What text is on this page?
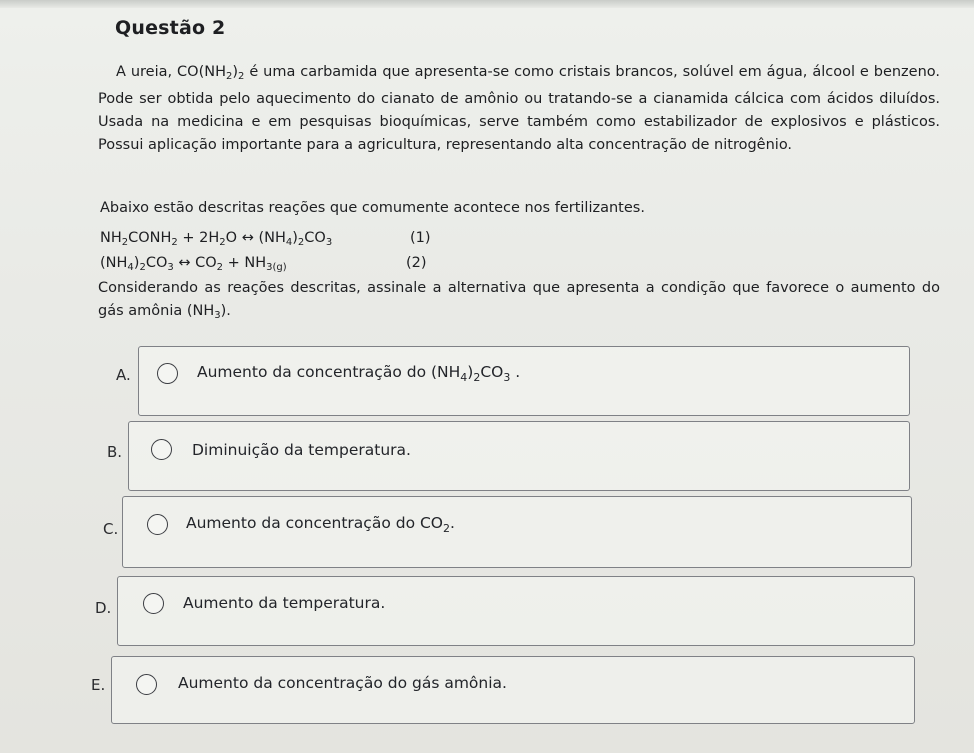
Questão 2
A ureia, $CO(NH_2)_2$ é uma carbamida que apresenta-se como cristais brancos, solúvel em água, álcool e benzeno. Pode ser obtida pelo aquecimento do cianato de amônio ou tratando-se a cianamida cálcica com ácidos diluídos. Usada na medicina e em pesquisas bioquímicas, serve também como estabilizador de explosivos e plásticos. Possui aplicação importante para a agricultura, representando alta concentração de nitrogênio.
Abaixo estão descritas reações que comumente acontece nos fertilizantes.
$NH_2CONH_2 + 2H_2O$ ↔ $(NH_4)_2CO_3$	(1)
$(NH_4)_2CO_3$ ↔ $CO_2 + NH_{3(g)}$	(2)
Considerando as reações descritas, assinale a alternativa que apresenta a condição que favorece o aumento do gás amônia $(NH_3)$.
A.	Aumento da concentração do $(NH_4)_2CO_3$ .
B.	Diminuição da temperatura.
C.	Aumento da concentração do $CO_2$.
D.	Aumento da temperatura.
E.	Aumento da concentração do gás amônia.
